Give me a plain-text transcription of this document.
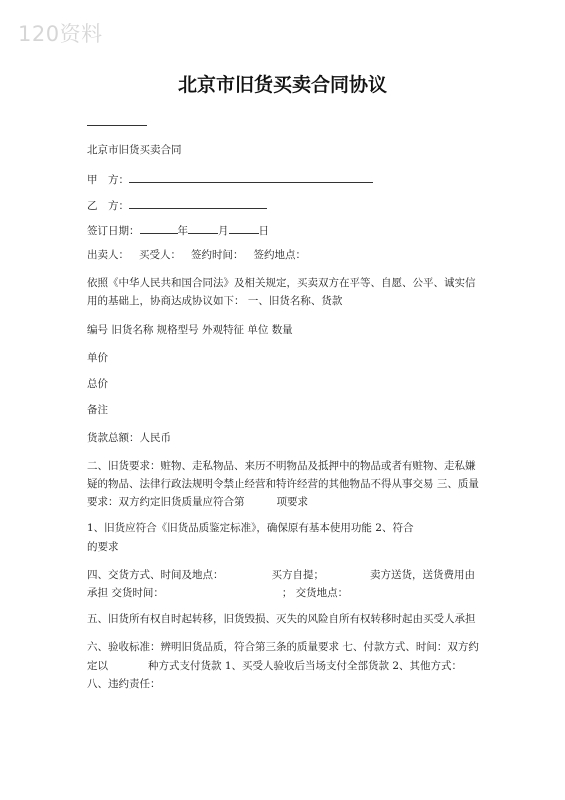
120资料
北京市旧货买卖合同协议
北京市旧货买卖合同
甲　方：
乙　方：
签订日期：	年	月	日
出卖人： 买受人： 签约时间： 签约地点：
依照《中华人民共和国合同法》及相关规定，买卖双方在平等、自愿、公平、诚实信
用的基础上，协商达成协议如下： 一、旧货名称、货款
编号 旧货名称 规格型号 外观特征 单位 数量
单价
总价
备注
货款总额：人民币
二、旧货要求：赃物、走私物品、来历不明物品及抵押中的物品或者有赃物、走私嫌
疑的物品、法律行政法规明令禁止经营和特许经营的其他物品不得从事交易 三、质量
要求：双方约定旧货质量应符合第	项要求
1、旧货应符合《旧货品质鉴定标准》，确保原有基本使用功能 2、符合
的要求
四、交货方式、时间及地点：	买方自提；	卖方送货，送货费用由
承担 交货时间：	； 交货地点：
五、旧货所有权自时起转移，旧货毁损、灭失的风险自所有权转移时起由买受人承担
六、验收标准：辨明旧货品质，符合第三条的质量要求 七、付款方式、时间：双方约
定以	种方式支付货款 1、买受人验收后当场支付全部货款 2、其他方式：
八、违约责任：
